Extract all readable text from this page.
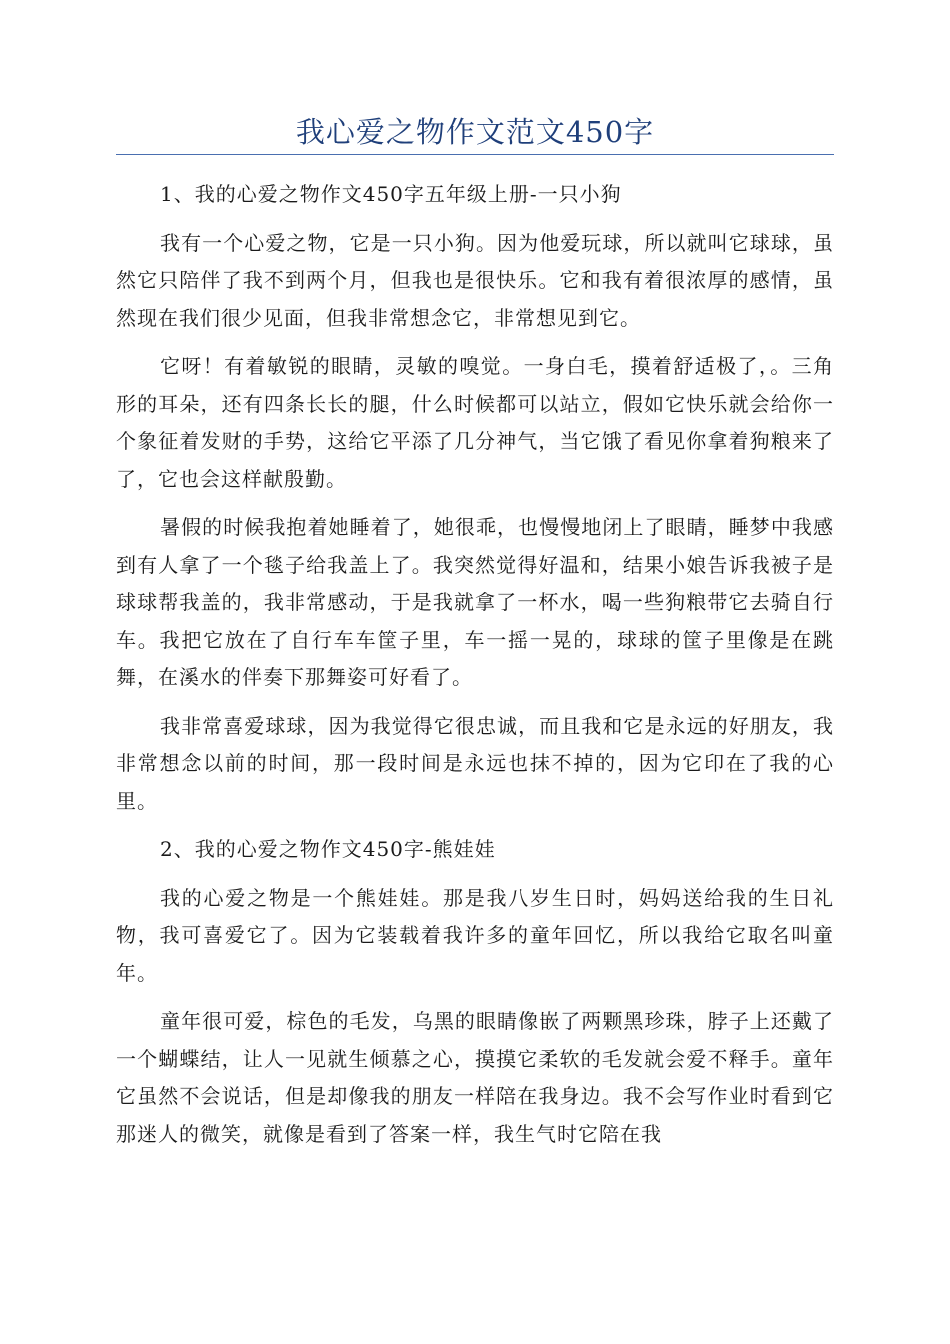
我心爱之物作文范文450字

1、我的心爱之物作文450字五年级上册-一只小狗

我有一个心爱之物，它是一只小狗。因为他爱玩球，所以就叫它球球，虽然它只陪伴了我不到两个月，但我也是很快乐。它和我有着很浓厚的感情，虽然现在我们很少见面，但我非常想念它，非常想见到它。

它呀！有着敏锐的眼睛，灵敏的嗅觉。一身白毛，摸着舒适极了，。三角形的耳朵，还有四条长长的腿，什么时候都可以站立，假如它快乐就会给你一个象征着发财的手势，这给它平添了几分神气，当它饿了看见你拿着狗粮来了了，它也会这样献殷勤。

暑假的时候我抱着她睡着了，她很乖，也慢慢地闭上了眼睛，睡梦中我感到有人拿了一个毯子给我盖上了。我突然觉得好温和，结果小娘告诉我被子是球球帮我盖的，我非常感动，于是我就拿了一杯水，喝一些狗粮带它去骑自行车。我把它放在了自行车车筐子里，车一摇一晃的，球球的筐子里像是在跳舞，在溪水的伴奏下那舞姿可好看了。

我非常喜爱球球，因为我觉得它很忠诚，而且我和它是永远的好朋友，我非常想念以前的时间，那一段时间是永远也抹不掉的，因为它印在了我的心里。

2、我的心爱之物作文450字-熊娃娃

我的心爱之物是一个熊娃娃。那是我八岁生日时，妈妈送给我的生日礼物，我可喜爱它了。因为它装载着我许多的童年回忆，所以我给它取名叫童年。

童年很可爱，棕色的毛发，乌黑的眼睛像嵌了两颗黑珍珠，脖子上还戴了一个蝴蝶结，让人一见就生倾慕之心，摸摸它柔软的毛发就会爱不释手。童年它虽然不会说话，但是却像我的朋友一样陪在我身边。我不会写作业时看到它那迷人的微笑，就像是看到了答案一样，我生气时它陪在我
